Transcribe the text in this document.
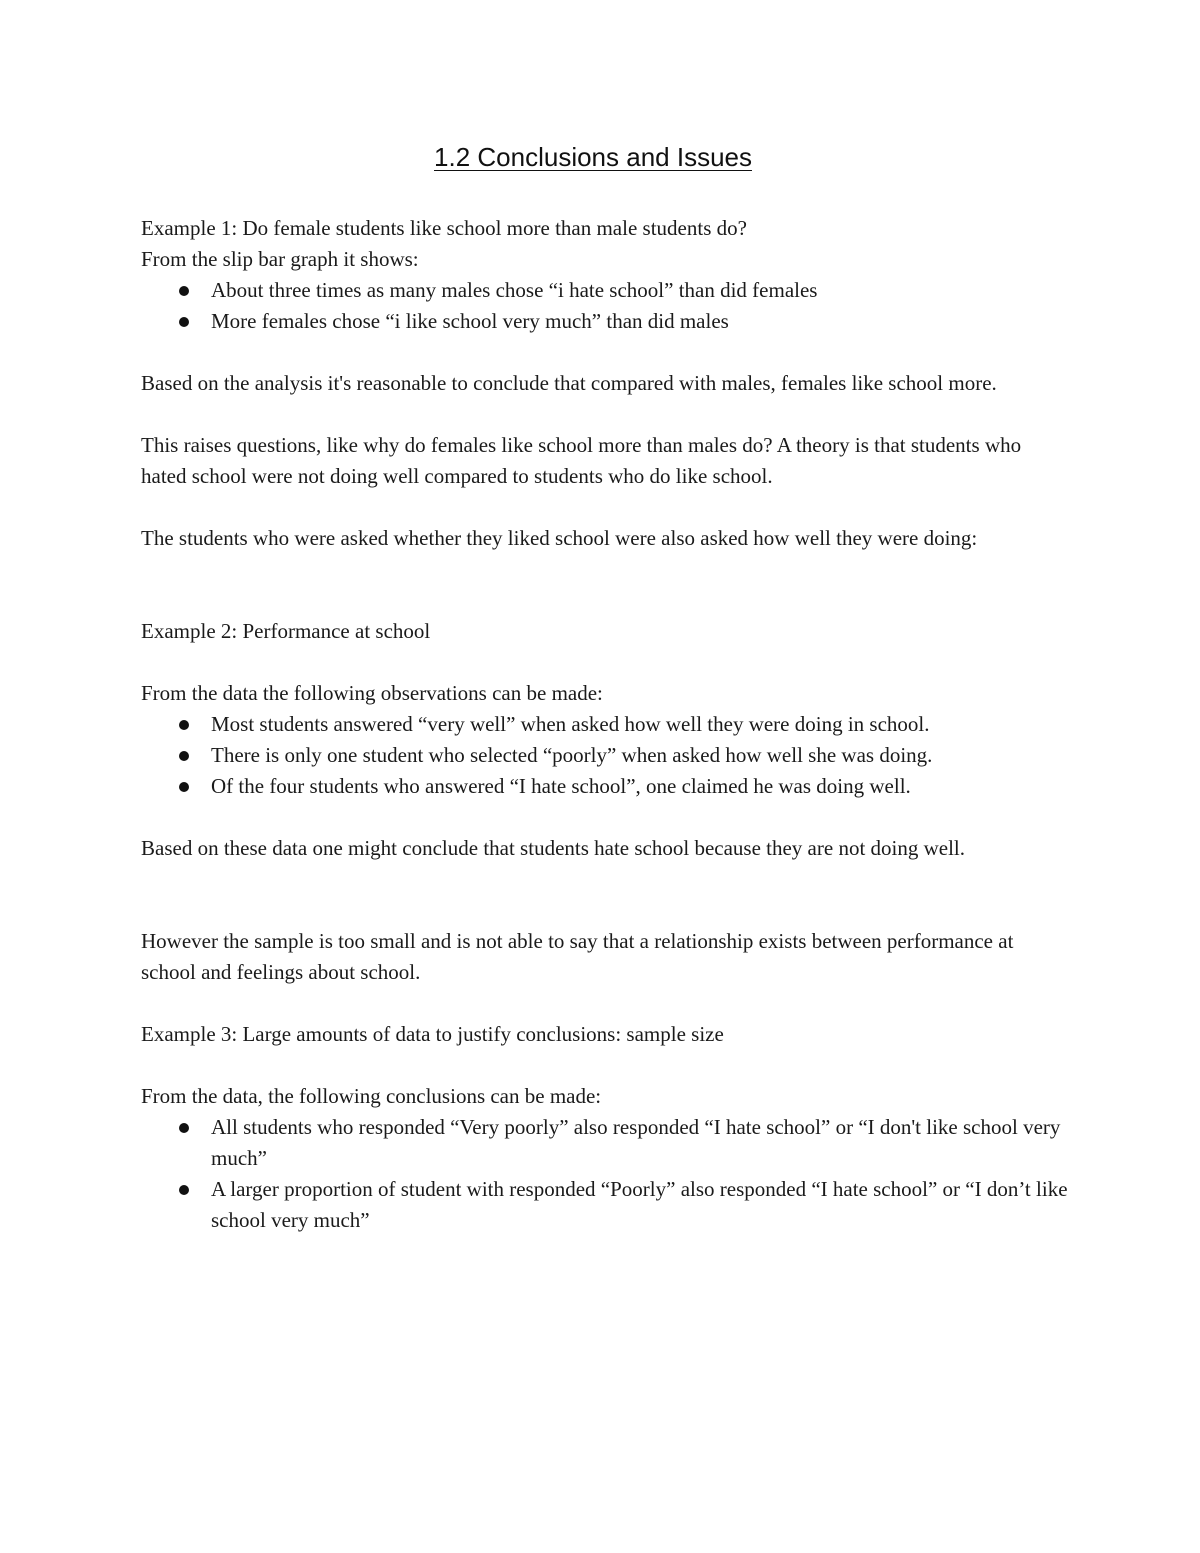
1.2 Conclusions and Issues

Example 1: Do female students like school more than male students do?

From the slip bar graph it shows:

About three times as many males chose “i hate school” than did females
More females chose “i like school very much” than did males

Based on the analysis it's reasonable to conclude that compared with males, females like school more.

This raises questions, like why do females like school more than males do? A theory is that students who hated school were not doing well compared to students who do like school.

The students who were asked whether they liked school were also asked how well they were doing:

Example 2: Performance at school

From the data the following observations can be made:

Most students answered “very well” when asked how well they were doing in school.
There is only one student who selected “poorly” when asked how well she was doing.
Of the four students who answered “I hate school”, one claimed he was doing well.

Based on these data one might conclude that students hate school because they are not doing well.

However the sample is too small and is not able to say that a relationship exists between performance at school and feelings about school.

Example 3: Large amounts of data to justify conclusions: sample size

From the data, the following conclusions can be made:

All students who responded “Very poorly” also responded “I hate school” or “I don't like school very much”
A larger proportion of student with responded “Poorly” also responded “I hate school” or “I don’t like school very much”
